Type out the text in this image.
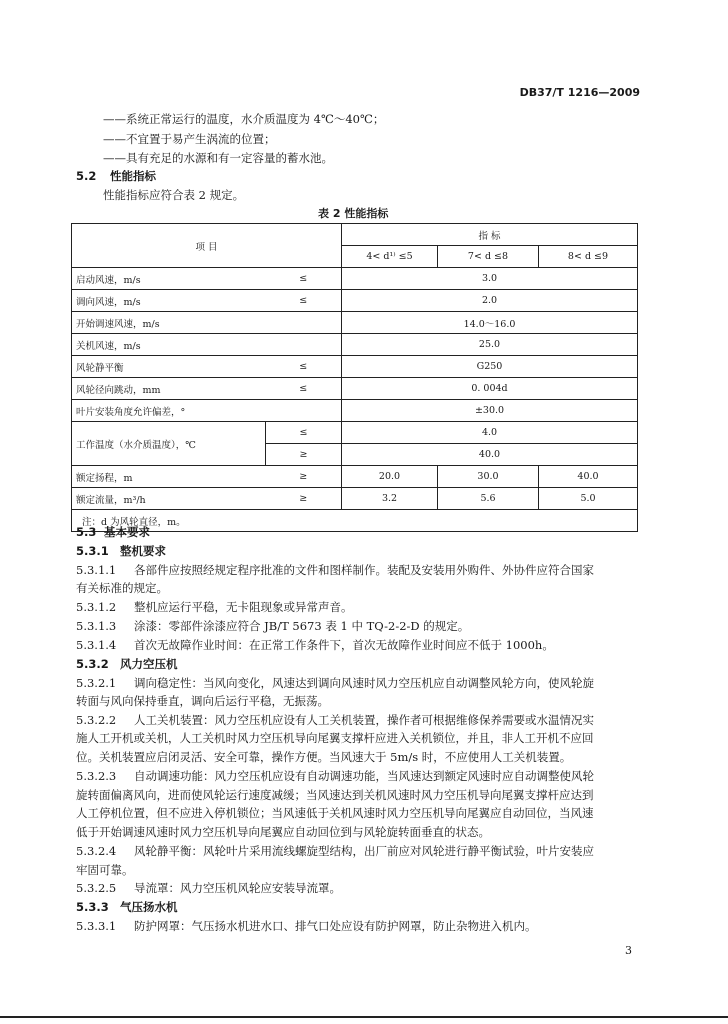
DB37/T 1216—2009
——系统正常运行的温度，水介质温度为 4℃～40℃；
——不宜置于易产生涡流的位置；
——具有充足的水源和有一定容量的蓄水池。
5.2 性能指标
性能指标应符合表 2 规定。
表 2 性能指标
项 目		指 标		
		4< d¹⁾ ≤5	7< d ≤8	8< d ≤9
启动风速，m/s	≤	3.0		
调向风速，m/s	≤	2.0		
开始调速风速，m/s		14.0～16.0		
关机风速，m/s		25.0		
风轮静平衡	≤	G250		
风轮径向跳动，mm	≤	0. 004d		
叶片安装角度允许偏差，°		±30.0		
工作温度（水介质温度），℃	≤	4.0		
	≥	40.0		
额定扬程，m	≥	20.0	30.0	40.0
额定流量，m³/h	≥	3.2	5.6	5.0
注：d 为风轮直径，m。				
5.3 基本要求
5.3.1 整机要求
5.3.1.1 各部件应按照经规定程序批准的文件和图样制作。装配及安装用外购件、外协件应符合国家
有关标准的规定。
5.3.1.2 整机应运行平稳，无卡阻现象或异常声音。
5.3.1.3 涂漆：零部件涂漆应符合 JB/T 5673 表 1 中 TQ-2-2-D 的规定。
5.3.1.4 首次无故障作业时间：在正常工作条件下，首次无故障作业时间应不低于 1000h。
5.3.2 风力空压机
5.3.2.1 调向稳定性：当风向变化，风速达到调向风速时风力空压机应自动调整风轮方向，使风轮旋
转面与风向保持垂直，调向后运行平稳，无振荡。
5.3.2.2 人工关机装置：风力空压机应设有人工关机装置，操作者可根据维修保养需要或水温情况实
施人工开机或关机，人工关机时风力空压机导向尾翼支撑杆应进入关机锁位，并且，非人工开机不应回
位。关机装置应启闭灵活、安全可靠，操作方便。当风速大于 5m/s 时，不应使用人工关机装置。
5.3.2.3 自动调速功能：风力空压机应设有自动调速功能，当风速达到额定风速时应自动调整使风轮
旋转面偏离风向，进而使风轮运行速度减缓；当风速达到关机风速时风力空压机导向尾翼支撑杆应达到
人工停机位置，但不应进入停机锁位；当风速低于关机风速时风力空压机导向尾翼应自动回位，当风速
低于开始调速风速时风力空压机导向尾翼应自动回位到与风轮旋转面垂直的状态。
5.3.2.4 风轮静平衡：风轮叶片采用流线螺旋型结构，出厂前应对风轮进行静平衡试验，叶片安装应
牢固可靠。
5.3.2.5 导流罩：风力空压机风轮应安装导流罩。
5.3.3 气压扬水机
5.3.3.1 防护网罩：气压扬水机进水口、排气口处应设有防护网罩，防止杂物进入机内。
3
